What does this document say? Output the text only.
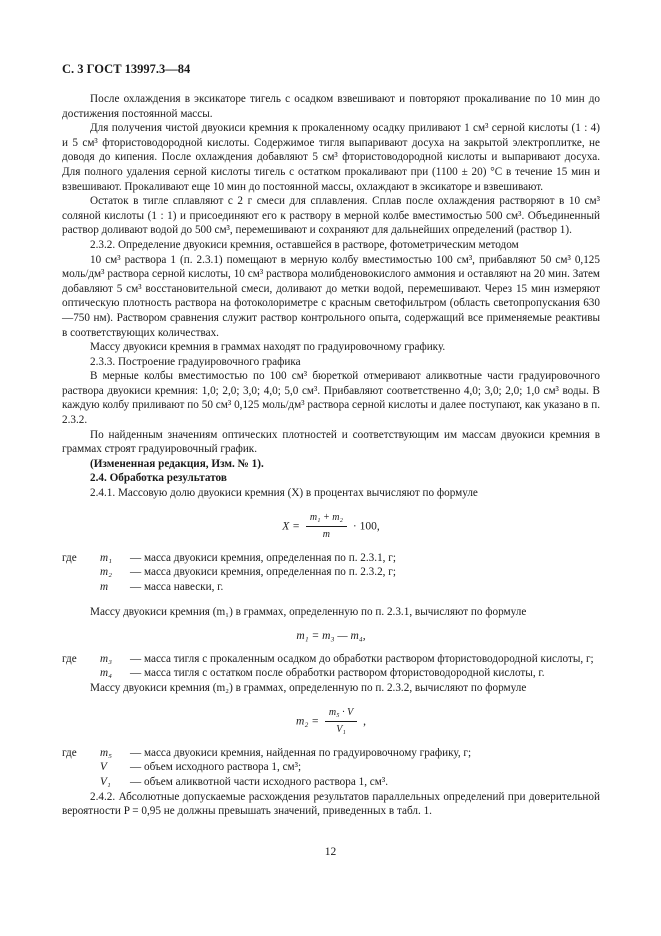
С. 3 ГОСТ 13997.3—84

После охлаждения в эксикаторе тигель с осадком взвешивают и повторяют прокаливание по 10 мин до достижения постоянной массы.

Для получения чистой двуокиси кремния к прокаленному осадку приливают 1 см³ серной кислоты (1 : 4) и 5 см³ фтористоводородной кислоты. Содержимое тигля выпаривают досуха на закрытой электроплитке, не доводя до кипения. После охлаждения добавляют 5 см³ фтористоводородной кислоты и выпаривают досуха. Для полного удаления серной кислоты тигель с остатком прокаливают при (1100 ± 20) °С в течение 15 мин и взвешивают. Прокаливают еще 10 мин до постоянной массы, охлаждают в эксикаторе и взвешивают.

Остаток в тигле сплавляют с 2 г смеси для сплавления. Сплав после охлаждения растворяют в 10 см³ соляной кислоты (1 : 1) и присоединяют его к раствору в мерной колбе вместимостью 500 см³. Объединенный раствор доливают водой до 500 см³, перемешивают и сохраняют для дальнейших определений (раствор 1).

2.3.2. Определение двуокиси кремния, оставшейся в растворе, фотометрическим методом

10 см³ раствора 1 (п. 2.3.1) помещают в мерную колбу вместимостью 100 см³, прибавляют 50 см³ 0,125 моль/дм³ раствора серной кислоты, 10 см³ раствора молибденовокислого аммония и оставляют на 20 мин. Затем добавляют 5 см³ восстановительной смеси, доливают до метки водой, перемешивают. Через 15 мин измеряют оптическую плотность раствора на фотоколориметре с красным светофильтром (область светопропускания 630—750 нм). Раствором сравнения служит раствор контрольного опыта, содержащий все применяемые реактивы в соответствующих количествах.

Массу двуокиси кремния в граммах находят по градуировочному графику.

2.3.3. Построение градуировочного графика

В мерные колбы вместимостью по 100 см³ бюреткой отмеривают аликвотные части градуировочного раствора двуокиси кремния: 1,0; 2,0; 3,0; 4,0; 5,0 см³. Прибавляют соответственно 4,0; 3,0; 2,0; 1,0 см³ воды. В каждую колбу приливают по 50 см³ 0,125 моль/дм³ раствора серной кислоты и далее поступают, как указано в п. 2.3.2.

По найденным значениям оптических плотностей и соответствующим им массам двуокиси кремния в граммах строят градуировочный график.

(Измененная редакция, Изм. № 1).

2.4. Обработка результатов

2.4.1. Массовую долю двуокиси кремния (X) в процентах вычисляют по формуле

$X = \frac{\text{m₁ + m₂}}{m} \cdot 100$,
где	m₁	— масса двуокиси кремния, определенная по п. 2.3.1, г;
m₂	— масса двуокиси кремния, определенная по п. 2.3.2, г;
m	— масса навески, г.

Массу двуокиси кремния (m₁) в граммах, определенную по п. 2.3.1, вычисляют по формуле

m₁ = m₃ — m₄,
где	m₃	— масса тигля с прокаленным осадком до обработки раствором фтористоводородной кислоты, г;
m₄	— масса тигля с остатком после обработки раствором фтористоводородной кислоты, г.

Массу двуокиси кремния (m₂) в граммах, определенную по п. 2.3.2, вычисляют по формуле

$m_2 = \frac{\text{m₅ · V}}{\text{V₁}}$ ,
где	m₅	— масса двуокиси кремния, найденная по градуировочному графику, г;
V	— объем исходного раствора 1, см³;
V₁	— объем аликвотной части исходного раствора 1, см³.

2.4.2. Абсолютные допускаемые расхождения результатов параллельных определений при доверительной вероятности P = 0,95 не должны превышать значений, приведенных в табл. 1.

12
